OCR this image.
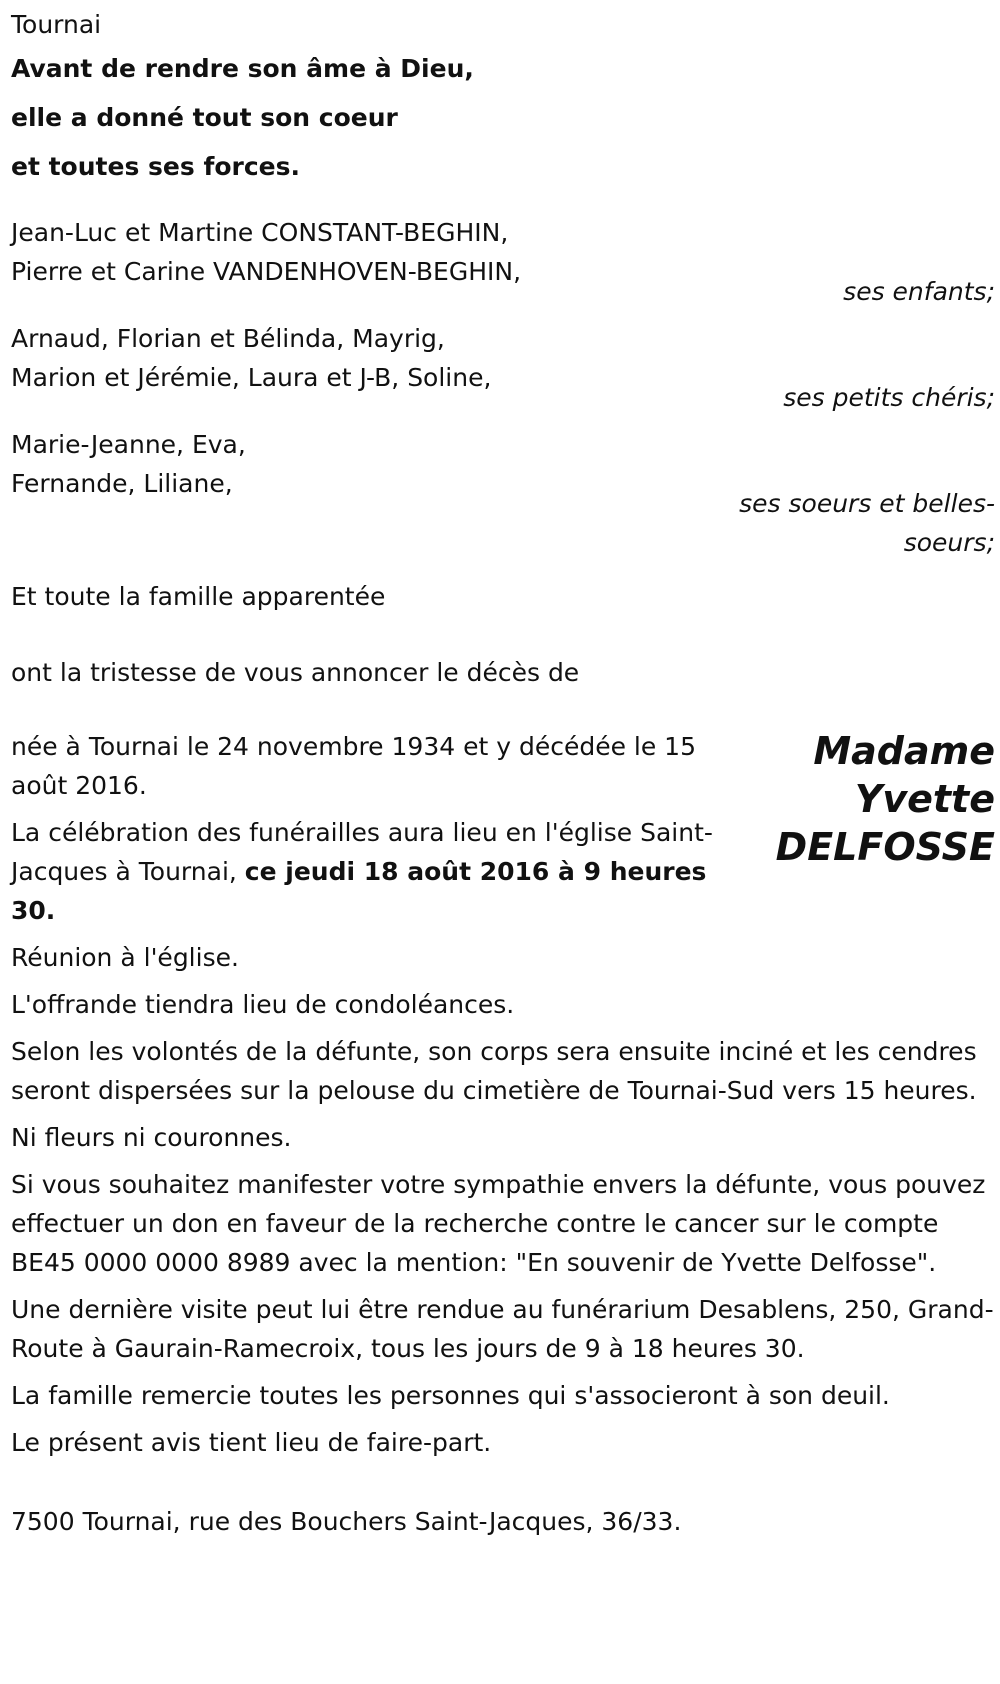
Tournai
Avant de rendre son âme à Dieu,
elle a donné tout son coeur
et toutes ses forces.
Jean-Luc et Martine CONSTANT-BEGHIN,
Pierre et Carine VANDENHOVEN-BEGHIN,
ses enfants;
Arnaud, Florian et Bélinda, Mayrig,
Marion et Jérémie, Laura et J-B, Soline,
ses petits chéris;
Marie-Jeanne, Eva,
Fernande, Liliane,
ses soeurs et belles-
soeurs;
Et toute la famille apparentée
ont la tristesse de vous annoncer le décès de
Madame
Yvette
DELFOSSE

née à Tournai le 24 novembre 1934 et y décédée le 15 août 2016.

La célébration des funérailles aura lieu en l'église Saint-Jacques à Tournai, ce jeudi 18 août 2016 à 9 heures 30.

Réunion à l'église.

L'offrande tiendra lieu de condoléances.

Selon les volontés de la défunte, son corps sera ensuite inciné et les cendres seront dispersées sur la pelouse du cimetière de Tournai-Sud vers 15 heures.

Ni fleurs ni couronnes.

Si vous souhaitez manifester votre sympathie envers la défunte, vous pouvez effectuer un don en faveur de la recherche contre le cancer sur le compte BE45 0000 0000 8989 avec la mention: "En souvenir de Yvette Delfosse".

Une dernière visite peut lui être rendue au funérarium Desablens, 250, Grand-Route à Gaurain-Ramecroix, tous les jours de 9 à 18 heures 30.

La famille remercie toutes les personnes qui s'associeront à son deuil.

Le présent avis tient lieu de faire-part.

7500 Tournai, rue des Bouchers Saint-Jacques, 36/33.
